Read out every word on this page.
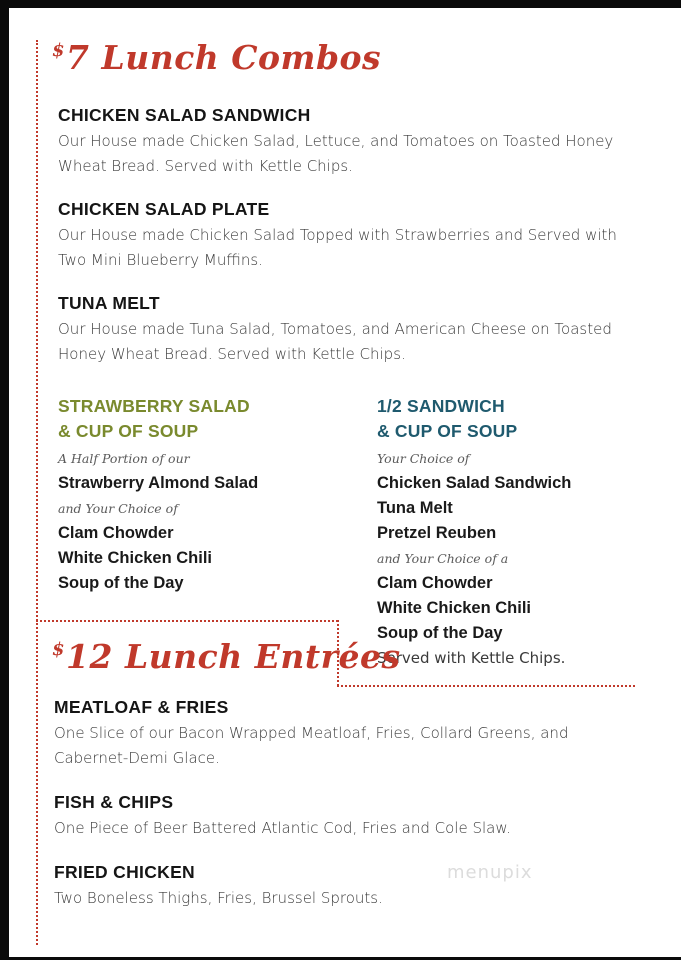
$7 Lunch Combos
CHICKEN SALAD SANDWICH

Our House made Chicken Salad, Lettuce, and Tomatoes on Toasted Honey Wheat Bread. Served with Kettle Chips.

CHICKEN SALAD PLATE

Our House made Chicken Salad Topped with Strawberries and Served with Two Mini Blueberry Muffins.

TUNA MELT

Our House made Tuna Salad, Tomatoes, and American Cheese on Toasted Honey Wheat Bread. Served with Kettle Chips.

STRAWBERRY SALAD
& CUP OF SOUP
A Half Portion of our
Strawberry Almond Salad
and Your Choice of
Clam Chowder
White Chicken Chili
Soup of the Day
1/2 SANDWICH
& CUP OF SOUP
Your Choice of
Chicken Salad Sandwich
Tuna Melt
Pretzel Reuben
and Your Choice of a
Clam Chowder
White Chicken Chili
Soup of the Day
Served with Kettle Chips.
$12 Lunch Entrées
MEATLOAF & FRIES

One Slice of our Bacon Wrapped Meatloaf, Fries, Collard Greens, and Cabernet-Demi Glace.

FISH & CHIPS

One Piece of Beer Battered Atlantic Cod, Fries and Cole Slaw.

FRIED CHICKEN

Two Boneless Thighs, Fries, Brussel Sprouts.

menupix
